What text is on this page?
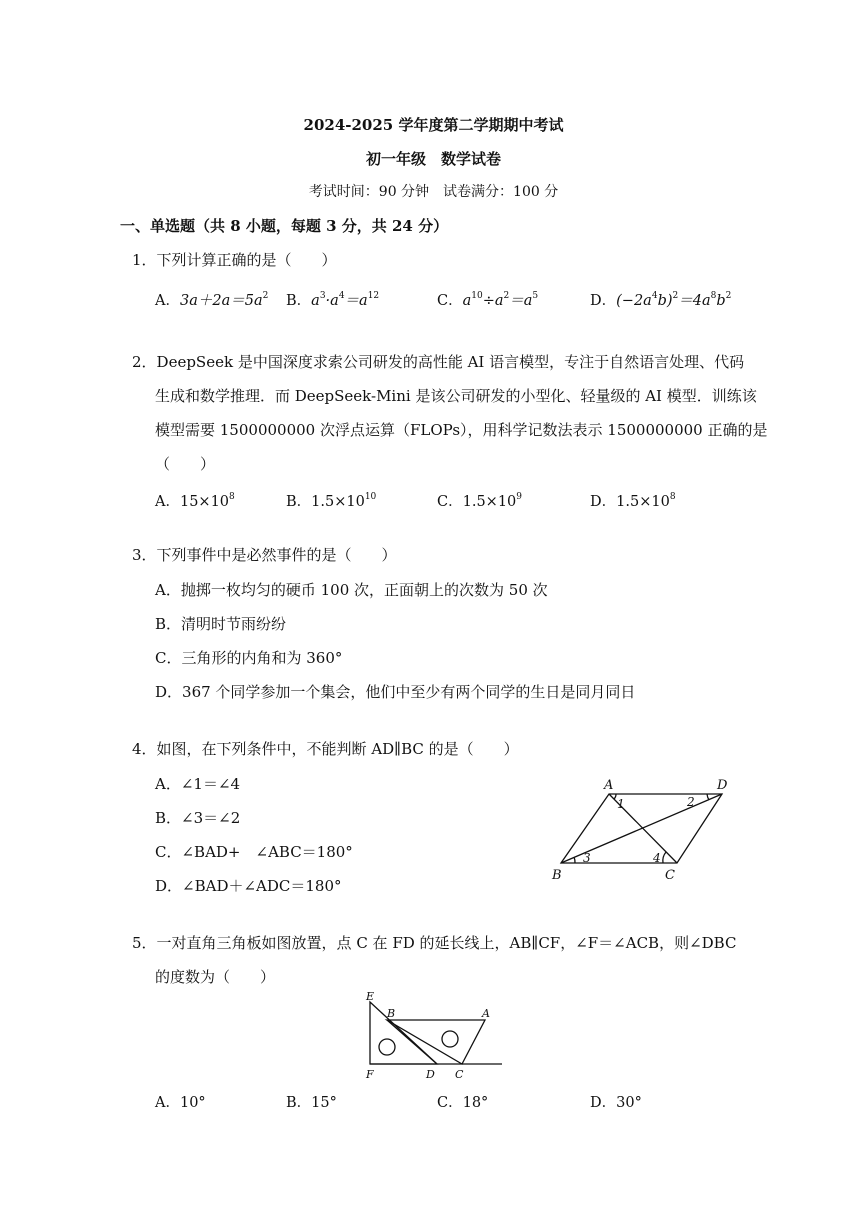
2024-2025 学年度第二学期期中考试
初一年级　数学试卷
考试时间：90 分钟　试卷满分：100 分
一、单选题（共 8 小题，每题 3 分，共 24 分）
1．下列计算正确的是（　　）
A．$3a+2a=5a^2$ B．$a^3\cdot a^4=a^{12}$	C．$a^{10}\div a^2=a^5$	D．$(-2a^4b)^2=4a^8b^2$
2．DeepSeek 是中国深度求索公司研发的高性能 AI 语言模型，专注于自然语言处理、代码
生成和数学推理．而 DeepSeek-Mini 是该公司研发的小型化、轻量级的 AI 模型．训练该
模型需要 1500000000 次浮点运算（FLOPs），用科学记数法表示 1500000000 正确的是
（　　）
A．$15\times 10^8$	B．$1.5\times 10^{10}$	C．$1.5\times 10^9$	D．$1.5\times 10^8$
3．下列事件中是必然事件的是（　　）
A．抛掷一枚均匀的硬币 100 次，正面朝上的次数为 50 次
B．清明时节雨纷纷
C．三角形的内角和为 360°
D．367 个同学参加一个集会，他们中至少有两个同学的生日是同月同日
4．如图，在下列条件中，不能判断 AD∥BC 的是（　　）
A．∠1＝∠4
B．∠3＝∠2
C．∠BAD+　∠ABC＝180°
D．∠BAD＋∠ADC＝180°
A	D
B	C
1	2
3	4
5．一对直角三角板如图放置，点 C 在 FD 的延长线上，AB∥CF，∠F＝∠ACB，则∠DBC
的度数为（　　）
E
B	A
F	D C
A．10°	B．15°	C．18°	D．30°
